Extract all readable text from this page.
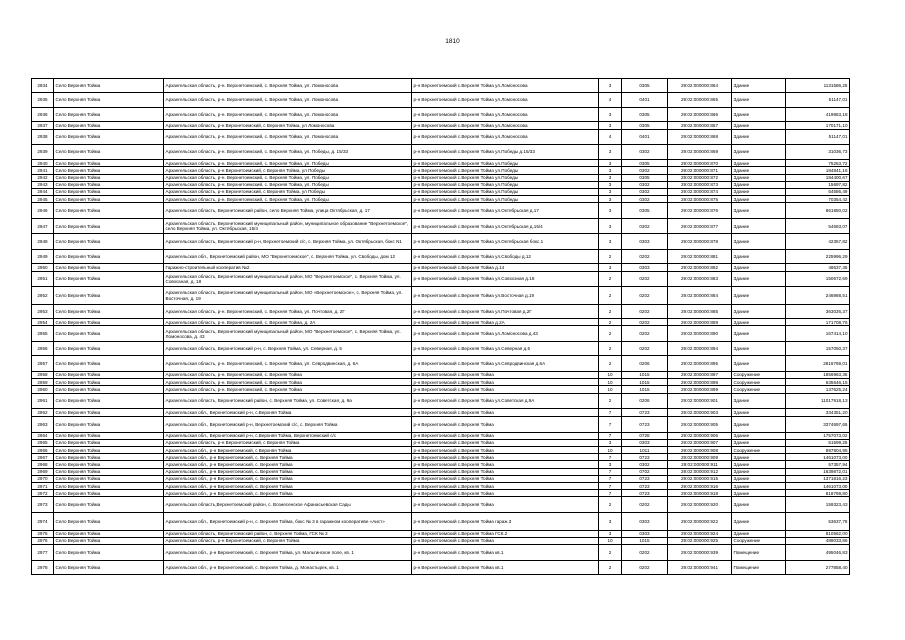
1810
2934	Село Верхняя Тойма	Архангельская область, р-н. Верхнетоемский, с. Верхняя Тойма, ул. Ломоносова	р-н Верхнетоемский с.Верхняя Тойма ул.Ломоносова	3	0305	29:02:000000:864	Здание	1131586,25
2935	Село Верхняя Тойма	Архангельская область, р-н. Верхнетоемский, с. Верхняя Тойма, ул. Ломоносова	р-н Верхнетоемский с.Верхняя Тойма ул.Ломоносова	4	0401	29:02:000000:865	Здание	51147,01
2936	Село Верхняя Тойма	Архангельская область, р-н. Верхнетоемский, с. Верхняя Тойма, ул. Ломоносова	р-н Верхнетоемский с.Верхняя Тойма ул.Ломоносова	3	0305	29:02:000000:866	Здание	419863,18
2937	Село Верхняя Тойма	Архангельская область, р-н Верхнетоемский, с Верхняя Тойма, ул Ломоносова	р-н Верхнетоемский с.Верхняя Тойма ул.Ломоносова	3	0305	29:02:000000:867	Здание	170171,10
2938	Село Верхняя Тойма	Архангельская область, р-н. Верхнетоемский, с. Верхняя Тойма, ул. Ломоносова	р-н Верхнетоемский с.Верхняя Тойма ул.Ломоносова	4	0401	29:02:000000:868	Здание	51147,01
2939	Село Верхняя Тойма	Архангельская область, р-н. Верхнетоемский, с. Верхняя Тойма, ул. Победы, д. 15/33	р-н Верхнетоемский с.Верхняя Тойма ул.Победы д.15/33	3	0302	29:02:000000:869	Здание	31036,73
2940	Село Верхняя Тойма	Архангельская область, р-н. Верхнетоемский, с. Верхняя Тойма, ул. Победы	р-н Верхнетоемский с.Верхняя Тойма ул.Победы	3	0305	29:02:000000:870	Здание	75253,72
2941	Село Верхняя Тойма	Архангельская область, р-н Верхнетоемский, с Верхняя Тойма, ул Победы	р-н Верхнетоемский с.Верхняя Тойма ул.Победы	3	0302	29:02:000000:871	Здание	184841,16
2942	Село Верхняя Тойма	Архангельская область, р-н. Верхнетоемский, с. Верхняя Тойма, ул. Победы	р-н Верхнетоемский с.Верхняя Тойма ул.Победы	3	0305	29:02:000000:872	Здание	184400,67
2943	Село Верхняя Тойма	Архангельская область, р-н. Верхнетоемский, с. Верхняя Тойма, ул. Победы	р-н Верхнетоемский с.Верхняя Тойма ул.Победы	3	0302	29:02:000000:873	Здание	15697,82
2944	Село Верхняя Тойма	Архангельская область, р-н Верхнетоемский, с Верхняя Тойма, ул Победы	р-н Верхнетоемский с.Верхняя Тойма ул.Победы	3	0302	29:02:000000:874	Здание	54586,49
2945	Село Верхняя Тойма	Архангельская область, р-н. Верхнетоемский, с. Верхняя Тойма, ул. Победы	р-н Верхнетоемский с.Верхняя Тойма ул.Победы	3	0302	29:02:000000:875	Здание	70354,42
2946	Село Верхняя Тойма	Архангельская область, Верхнетоемский район, село Верхняя Тойма, улица Октябрьская, д. 17	р-н Верхнетоемский с.Верхняя Тойма ул.Октябрьская д.17	3	0305	29:02:000000:876	Здание	861850,02
2947	Село Верхняя Тойма	Архангельская область, Верхнетоемский муниципальный район, муниципальное образование "Верхнетоемское", село Верхняя Тойма, ул. Октябрьская, 15/4	р-н Верхнетоемский с.Верхняя Тойма ул.Октябрьская д.15/4	3	0302	29:02:000000:877	Здание	54683,07
2948	Село Верхняя Тойма	Архангельская область, Верхнетоемский р-н, Верхнетоемский с/с, с. Верхняя Тойма, ул. Октябрьская, бокс N1	р-н Верхнетоемский с.Верхняя Тойма ул.Октябрьская бокс.1	3	0303	29:02:000000:878	Здание	42357,82
2949	Село Верхняя Тойма	Архангельская обл., Верхнетоемский район, МО "Верхнетоемское", с. Верхняя Тойма, ул. Свободы, дом 12	р-н Верхнетоемский с.Верхняя Тойма ул.Свободы д.12	2	0202	29:02:000000:881	Здание	225996,29
2950	Село Верхняя Тойма	Гаражно-строительный кооператив №2	р-н Верхнетоемский с.Верхняя Тойма д.14	3	0303	29:02:000000:882	Здание	48637,35
2951	Село Верхняя Тойма	Архангельская область, Верхнетоемский муниципальный район, МО "Верхнетоемское", с. Верхняя Тойма, ул. Совхозная, д. 18	р-н Верхнетоемский с.Верхняя Тойма ул.Совхозная д.18	2	0202	29:02:000000:883	Здание	150672,69
2952	Село Верхняя Тойма	Архангельская область, Верхнетоемский муниципальный район, МО «Верхнетоемское», с. Верхняя Тойма, ул. Восточная, д. 19	р-н Верхнетоемский с.Верхняя Тойма ул.Восточная д.19	2	0202	29:02:000000:884	Здание	246988,51
2953	Село Верхняя Тойма	Архангельская область, р-н. Верхнетоемский, с. Верхняя Тойма, ул. Почтовая, д. 2Г	р-н Верхнетоемский с.Верхняя Тойма ул.Почтовая д.2Г	2	0202	29:02:000000:885	Здание	363026,37
2954	Село Верхняя Тойма	Архангельская область, р-н. Верхнетоемский, с. Верхняя Тойма, д. 2А	р-н Верхнетоемский с.Верхняя Тойма д.2А	2	0202	29:02:000000:889	Здание	171708,76
2955	Село Верхняя Тойма	Архангельская область, Верхнетоемский муниципальный район, МО "Верхнетоемское", с. Верхняя Тойма, ул. Ломоносова, д. 43	р-н Верхнетоемский с.Верхняя Тойма ул.Ломоносова д.43	2	0202	29:02:000000:890	Здание	167414,10
2956	Село Верхняя Тойма	Архангельская область, Верхнетоемский р-н, с. Верхняя Тойма, ул. Северная, д. 5	р-н Верхнетоемский с.Верхняя Тойма ул.Северная д.5	2	0202	29:02:000000:894	Здание	157050,37
2957	Село Верхняя Тойма	Архангельская область, р-н. Верхнетоемский, с. Верхняя Тойма, ул. Севродвинская, д. 6А	р-н Верхнетоемский с.Верхняя Тойма ул.Севродвинская д.6А	2	0206	29:02:000000:895	Здание	2816769,01
2958	Село Верхняя Тойма	Архангельская область, р-н. Верхнетоемский, с. Верхняя Тойма	р-н Верхнетоемский с.Верхняя Тойма	10	1015	29:02:000000:897	Сооружение	1856963,36
2959	Село Верхняя Тойма	Архангельская область, р-н. Верхнетоемский, с. Верхняя Тойма	р-н Верхнетоемский с.Верхняя Тойма	10	1015	29:02:000000:898	Сооружение	635646,15
2960	Село Верхняя Тойма	Архангельская область, р-н. Верхнетоемский, с. Верхняя Тойма	р-н Верхнетоемский с.Верхняя Тойма	10	1015	29:02:000000:899	Сооружение	137625,24
2961	Село Верхняя Тойма	Архангельская область, Верхнетоемский район, с. Верхняя Тойма, ул. Советская, д. 9а	р-н Верхнетоемский с.Верхняя Тойма ул.Советская д.9А	2	0206	29:02:000000:901	Здание	11017918,13
2962	Село Верхняя Тойма	Архангельская обл., Верхнетоемский р-н, с.Верхняя Тойма	р-н Верхнетоемский с.Верхняя Тойма	7	0723	29:02:000000:903	Здание	334351,20
2963	Село Верхняя Тойма	Архангельская обл., Верхнетоемский р-н, Верхнетоемский с/с, с. Верхняя Тойма	р-н Верхнетоемский с.Верхняя Тойма	7	0723	29:02:000000:905	Здание	3374697,65
2964	Село Верхняя Тойма	Архангельская обл., Верхнетоемский р-н, с.Верхняя Тойма, Верхнетоемский с/с	р-н Верхнетоемский с.Верхняя Тойма	7	0728	29:02:000000:906	Здание	1757073,02
2965	Село Верхняя Тойма	Архангельская область, р-н Верхнетоемский, с Верхняя Тойма	р-н Верхнетоемский с.Верхняя Тойма	3	0303	29:02:000000:907	Здание	51599,25
2966	Село Верхняя Тойма	Архангельская обл., р-н Верхнетоемский, с Верхняя Тойма	р-н Верхнетоемский с.Верхняя Тойма	10	1011	29:02:000000:908	Сооружение	897804,95
2967	Село Верхняя Тойма	Архангельская обл., р-н Верхнетоемский, с. Верхняя Тойма	р-н Верхнетоемский с.Верхняя Тойма	7	0723	29:02:000000:909	Здание	1461073,00
2968	Село Верхняя Тойма	Архангельская обл., р-н Верхнетоемский, с. Верхняя Тойма	р-н Верхнетоемский с.Верхняя Тойма	3	0302	29:02:000000:911	Здание	57357,94
2969	Село Верхняя Тойма	Архангельская обл., р-н Верхнетоемский, с. Верхняя Тойма	р-н Верхнетоемский с.Верхняя Тойма	7	0702	29:02:000000:912	Здание	1639872,01
2970	Село Верхняя Тойма	Архангельская обл., р-н Верхнетоемский, с. Верхняя Тойма	р-н Верхнетоемский с.Верхняя Тойма	7	0723	29:02:000000:915	Здание	1371816,23
2971	Село Верхняя Тойма	Архангельская обл., р-н Верхнетоемский, с. Верхняя Тойма	р-н Верхнетоемский с.Верхняя Тойма	7	0723	29:02:000000:916	Здание	1461073,00
2972	Село Верхняя Тойма	Архангельская обл., р-н Верхнетоемский, с. Верхняя Тойма	р-н Верхнетоемский с.Верхняя Тойма	7	0723	29:02:000000:918	Здание	818769,80
2973	Село Верхняя Тойма	Архангельская область,Верхнетоемский район, с. Вознесенское Афанасьевская Сады	р-н Верхнетоемский с.Верхняя Тойма	2	0202	29:02:000000:920	Здание	159323,43
2974	Село Верхняя Тойма	Архангельская обл., Верхнетоемский р-н, с. Верхняя Тойма, бокс № 3 в гаражном кооперативе «Аист»	р-н Верхнетоемский с.Верхняя Тойма гараж.3	3	0303	29:02:000000:922	Здание	53637,78
2975	Село Верхняя Тойма	Архангельская область, Верхнетоемский район, с. Верхняя Тойма, ГСК № 2	р-н Верхнетоемский с.Верхняя Тойма ГСК.2	3	0303	29:02:000000:924	Здание	810562,00
2976	Село Верхняя Тойма	Архангельская область, р-н Верхнетоемский, с Верхняя Тойма	р-н Верхнетоемский с.Верхняя Тойма	10	1015	29:02:000000:925	Сооружение	489033,86
2977	Село Верхняя Тойма	Архангельская обл., р-н Верхнетоемский, с. Верхняя Тойма, ул. Мальгинское поле, кв. 1	р-н Верхнетоемский с.Верхняя Тойма кв.1	2	0202	29:02:000000:939	Помещение	495046,83
2978	Село Верхняя Тойма	Архангельская обл., р-н Верхнетоемский, с. Верхняя Тойма, д. Монастырек, кв. 1	р-н Верхнетоемский с.Верхняя Тойма кв.1	2	0202	29:02:000000:941	Помещение	277858,40
